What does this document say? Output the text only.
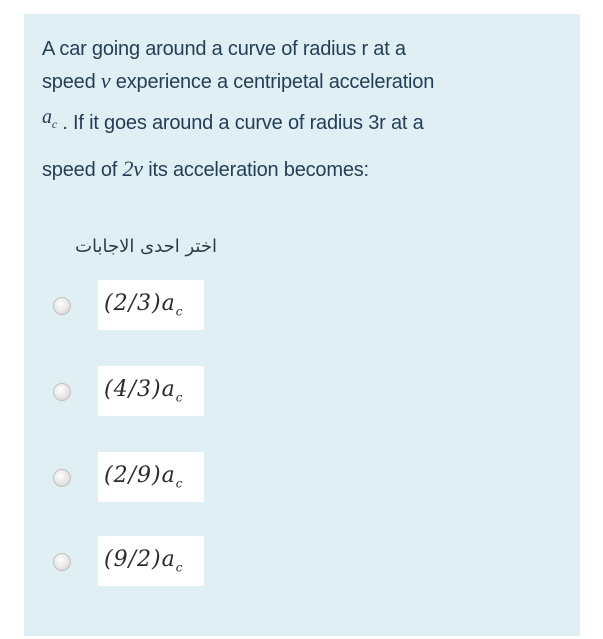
A car going around a curve of radius r at a
speed v experience a centripetal acceleration
$a_c$ . If it goes around a curve of radius 3r at a
speed of 2v its acceleration becomes:
اختر احدى الاجابات
$(2/3)a_c$
$(4/3)a_c$
$(2/9)a_c$
$(9/2)a_c$
